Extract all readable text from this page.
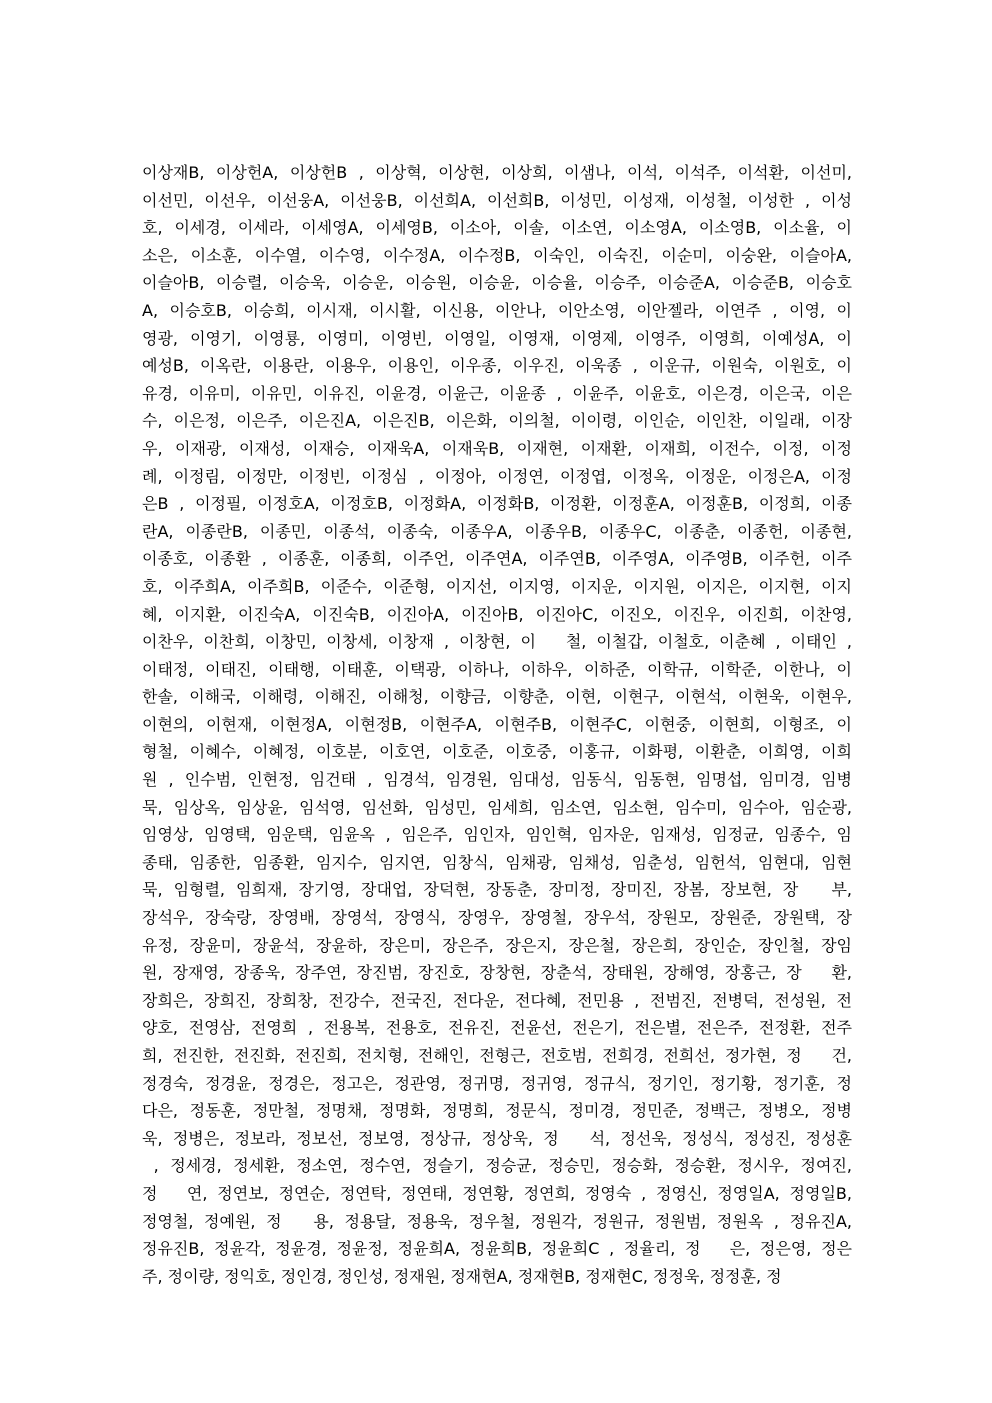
이상재B, 이상헌A, 이상헌B , 이상혁, 이상현, 이상희, 이샘나, 이석, 이석주, 이석환, 이선미,
이선민, 이선우, 이선웅A, 이선웅B, 이선희A, 이선희B, 이성민, 이성재, 이성철, 이성한 , 이성
호, 이세경, 이세라, 이세영A, 이세영B, 이소아, 이솔, 이소연, 이소영A, 이소영B, 이소율, 이
소은, 이소훈, 이수열, 이수영, 이수정A, 이수정B, 이숙인, 이숙진, 이순미, 이숭완, 이슬아A,
이슬아B, 이승렬, 이승욱, 이승운, 이승원, 이승윤, 이승율, 이승주, 이승준A, 이승준B, 이승호
A, 이승호B, 이승희, 이시재, 이시활, 이신용, 이안나, 이안소영, 이안젤라, 이연주 , 이영, 이
영광, 이영기, 이영룡, 이영미, 이영빈, 이영일, 이영재, 이영제, 이영주, 이영희, 이예성A, 이
예성B, 이옥란, 이용란, 이용우, 이용인, 이우종, 이우진, 이욱종 , 이운규, 이원숙, 이원호, 이
유경, 이유미, 이유민, 이유진, 이윤경, 이윤근, 이윤종 , 이윤주, 이윤호, 이은경, 이은국, 이은
수, 이은정, 이은주, 이은진A, 이은진B, 이은화, 이의철, 이이령, 이인순, 이인찬, 이일래, 이장
우, 이재광, 이재성, 이재승, 이재욱A, 이재욱B, 이재현, 이재환, 이재희, 이전수, 이정, 이정
례, 이정림, 이정만, 이정빈, 이정심 , 이정아, 이정연, 이정엽, 이정옥, 이정운, 이정은A, 이정
은B , 이정필, 이정호A, 이정호B, 이정화A, 이정화B, 이정환, 이정훈A, 이정훈B, 이정희, 이종
란A, 이종란B, 이종민, 이종석, 이종숙, 이종우A, 이종우B, 이종우C, 이종춘, 이종헌, 이종현,
이종호, 이종환 , 이종훈, 이종희, 이주언, 이주연A, 이주연B, 이주영A, 이주영B, 이주헌, 이주
호, 이주희A, 이주희B, 이준수, 이준형, 이지선, 이지영, 이지운, 이지원, 이지은, 이지현, 이지
혜, 이지환, 이진숙A, 이진숙B, 이진아A, 이진아B, 이진아C, 이진오, 이진우, 이진희, 이찬영,
이찬우, 이찬희, 이창민, 이창세, 이창재 , 이창현, 이   철, 이철갑, 이철호, 이춘혜 , 이태인 ,
이태정, 이태진, 이태행, 이태훈, 이택광, 이하나, 이하우, 이하준, 이학규, 이학준, 이한나, 이
한솔, 이해국, 이해령, 이해진, 이해청, 이향금, 이향춘, 이현, 이현구, 이현석, 이현욱, 이현우,
이현의, 이현재, 이현정A, 이현정B, 이현주A, 이현주B, 이현주C, 이현중, 이현희, 이형조, 이
형철, 이혜수, 이혜정, 이호분, 이호연, 이호준, 이호중, 이홍규, 이화평, 이환춘, 이희영, 이희
원 , 인수범, 인현정, 임건태 , 임경석, 임경원, 임대성, 임동식, 임동현, 임명섭, 임미경, 임병
묵, 임상옥, 임상윤, 임석영, 임선화, 임성민, 임세희, 임소연, 임소현, 임수미, 임수아, 임순광,
임영상, 임영택, 임운택, 임윤옥 , 임은주, 임인자, 임인혁, 임자운, 임재성, 임정균, 임종수, 임
종태, 임종한, 임종환, 임지수, 임지연, 임창식, 임채광, 임채성, 임춘성, 임헌석, 임현대, 임현
묵, 임형렬, 임희재, 장기영, 장대업, 장덕현, 장동춘, 장미정, 장미진, 장봄, 장보현, 장   부,
장석우, 장숙랑, 장영배, 장영석, 장영식, 장영우, 장영철, 장우석, 장원모, 장원준, 장원택, 장
유정, 장윤미, 장윤석, 장윤하, 장은미, 장은주, 장은지, 장은철, 장은희, 장인순, 장인철, 장임
원, 장재영, 장종욱, 장주연, 장진범, 장진호, 장창현, 장춘석, 장태원, 장해영, 장홍근, 장   환,
장희은, 장희진, 장희창, 전강수, 전국진, 전다운, 전다혜, 전민용 , 전범진, 전병덕, 전성원, 전
양호, 전영삼, 전영희 , 전용복, 전용호, 전유진, 전윤선, 전은기, 전은별, 전은주, 전정환, 전주
희, 전진한, 전진화, 전진희, 전치형, 전해인, 전형근, 전호범, 전희경, 전희선, 정가현, 정   건,
정경숙, 정경윤, 정경은, 정고은, 정관영, 정귀명, 정귀영, 정규식, 정기인, 정기황, 정기훈, 정
다은, 정동훈, 정만철, 정명채, 정명화, 정명희, 정문식, 정미경, 정민준, 정백근, 정병오, 정병
욱, 정병은, 정보라, 정보선, 정보영, 정상규, 정상욱, 정   석, 정선욱, 정성식, 정성진, 정성훈
, 정세경, 정세환, 정소연, 정수연, 정슬기, 정승균, 정승민, 정승화, 정승환, 정시우, 정여진,
정   연, 정연보, 정연순, 정연탁, 정연태, 정연황, 정연희, 정영숙 , 정영신, 정영일A, 정영일B,
정영철, 정예원, 정   용, 정용달, 정용욱, 정우철, 정원각, 정원규, 정원범, 정원옥 , 정유진A,
정유진B, 정윤각, 정윤경, 정윤정, 정윤희A, 정윤희B, 정윤희C , 정율리, 정   은, 정은영, 정은
주, 정이량, 정익호, 정인경, 정인성, 정재원, 정재현A, 정재현B, 정재현C, 정정욱, 정정훈, 정
